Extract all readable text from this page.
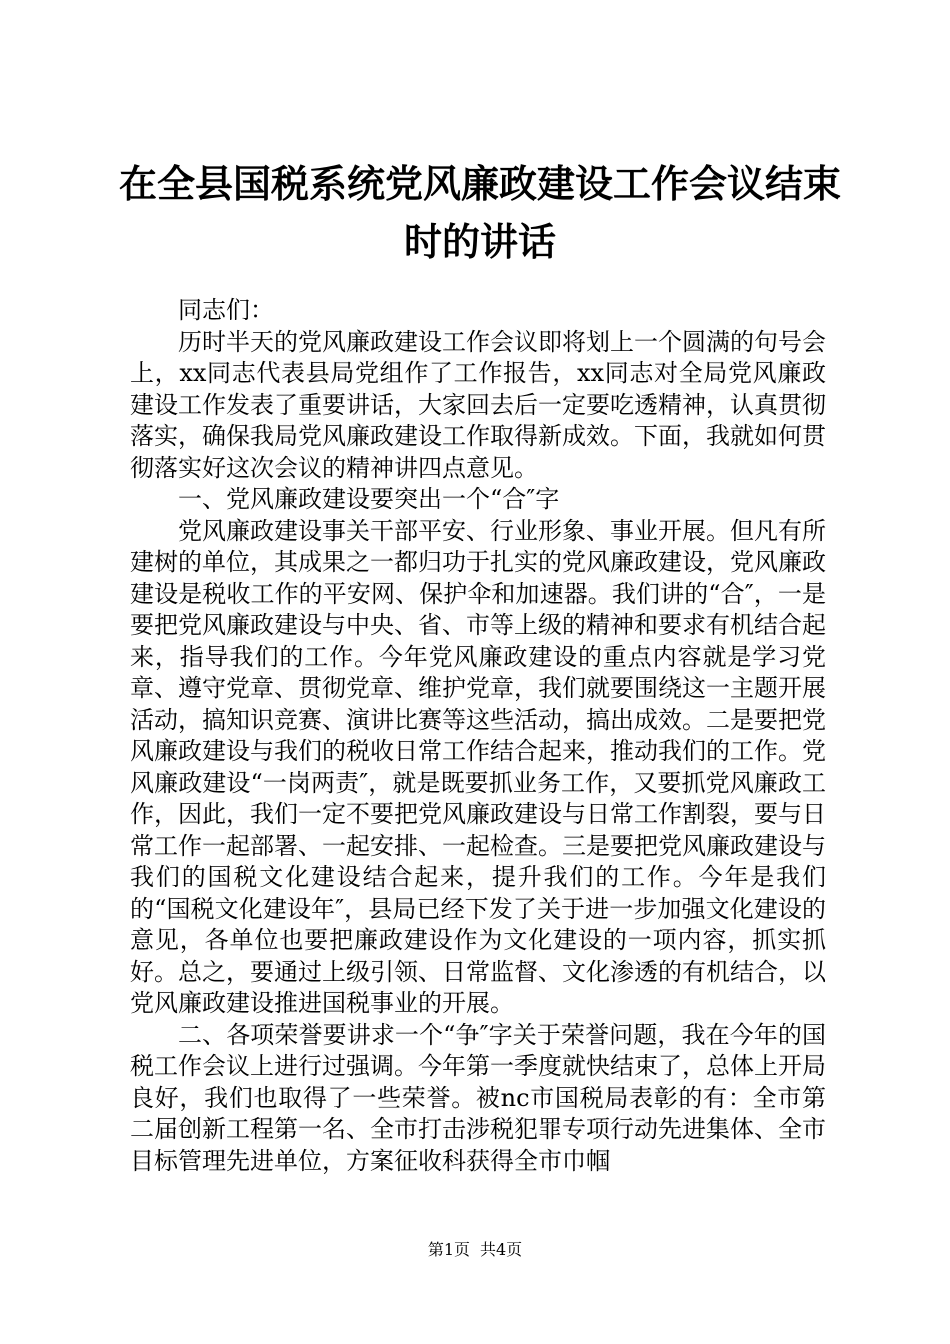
在全县国税系统党风廉政建设工作会议结束时的讲话

同志们：

历时半天的党风廉政建设工作会议即将划上一个圆满的句号会上，xx同志代表县局党组作了工作报告，xx同志对全局党风廉政建设工作发表了重要讲话，大家回去后一定要吃透精神，认真贯彻落实，确保我局党风廉政建设工作取得新成效。下面，我就如何贯彻落实好这次会议的精神讲四点意见。

一、党风廉政建设要突出一个“合″字

党风廉政建设事关干部平安、行业形象、事业开展。但凡有所建树的单位，其成果之一都归功于扎实的党风廉政建设，党风廉政建设是税收工作的平安网、保护伞和加速器。我们讲的“合″，一是要把党风廉政建设与中央、省、市等上级的精神和要求有机结合起来，指导我们的工作。今年党风廉政建设的重点内容就是学习党章、遵守党章、贯彻党章、维护党章，我们就要围绕这一主题开展活动，搞知识竞赛、演讲比赛等这些活动，搞出成效。二是要把党风廉政建设与我们的税收日常工作结合起来，推动我们的工作。党风廉政建设“一岗两责″，就是既要抓业务工作，又要抓党风廉政工作，因此，我们一定不要把党风廉政建设与日常工作割裂，要与日常工作一起部署、一起安排、一起检查。三是要把党风廉政建设与我们的国税文化建设结合起来，提升我们的工作。今年是我们的“国税文化建设年″，县局已经下发了关于进一步加强文化建设的意见，各单位也要把廉政建设作为文化建设的一项内容，抓实抓好。总之，要通过上级引领、日常监督、文化渗透的有机结合，以党风廉政建设推进国税事业的开展。

二、各项荣誉要讲求一个“争″字关于荣誉问题，我在今年的国税工作会议上进行过强调。今年第一季度就快结束了，总体上开局良好，我们也取得了一些荣誉。被nc市国税局表彰的有：全市第二届创新工程第一名、全市打击涉税犯罪专项行动先进集体、全市目标管理先进单位，方案征收科获得全市巾帼

第1页 共4页
